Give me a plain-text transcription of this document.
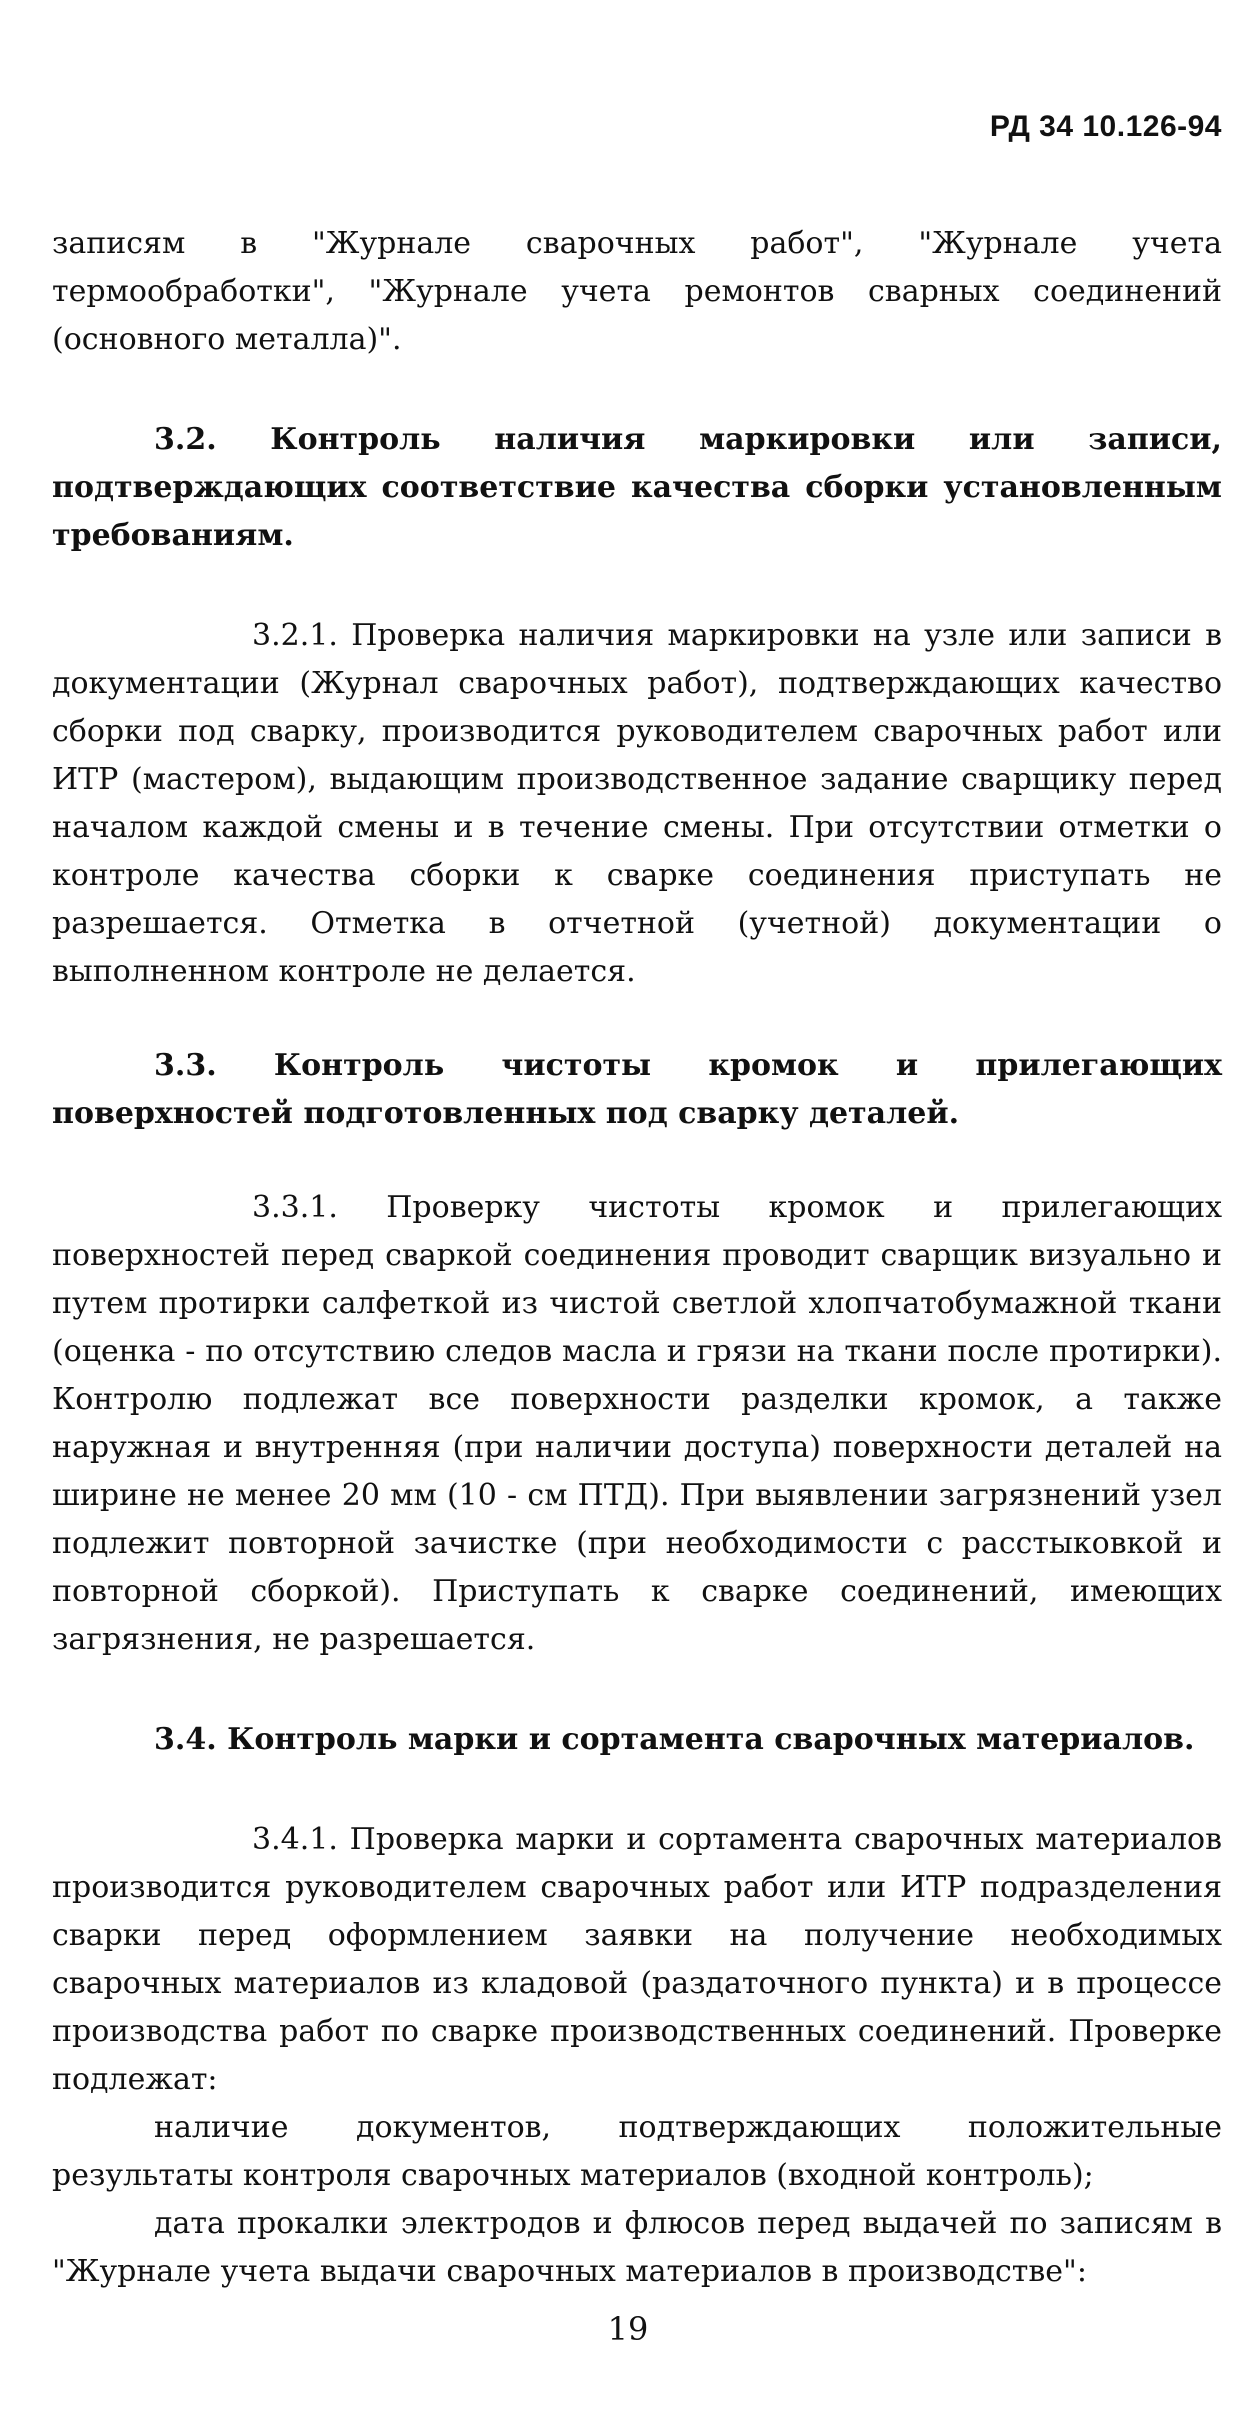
РД 34 10.126-94

записям в "Журнале сварочных работ", "Журнале учета термообработки", "Журнале учета ремонтов сварных соединений (основного металла)".

3.2. Контроль наличия маркировки или записи, подтверждающих соответствие качества сборки установленным требованиям.

3.2.1. Проверка наличия маркировки на узле или записи в документации (Журнал сварочных работ), подтверждающих качество сборки под сварку, производится руководителем сварочных работ или ИТР (мастером), выдающим производственное задание сварщику перед началом каждой смены и в течение смены. При отсутствии отметки о контроле качества сборки к сварке соединения приступать не разрешается. Отметка в отчетной (учетной) документации о выполненном контроле не делается.

3.3. Контроль чистоты кромок и прилегающих поверхностей подготовленных под сварку деталей.

3.3.1. Проверку чистоты кромок и прилегающих поверхностей перед сваркой соединения проводит сварщик визуально и путем протирки салфеткой из чистой светлой хлопчатобумажной ткани (оценка - по отсутствию следов масла и грязи на ткани после протирки). Контролю подлежат все поверхности разделки кромок, а также наружная и внутренняя (при наличии доступа) поверхности деталей на ширине не менее 20 мм (10 - см ПТД). При выявлении загрязнений узел подлежит повторной зачистке (при необходимости с расстыковкой и повторной сборкой). Приступать к сварке соединений, имеющих загрязнения, не разрешается.

3.4. Контроль марки и сортамента сварочных материалов.

3.4.1. Проверка марки и сортамента сварочных материалов производится руководителем сварочных работ или ИТР подразделения сварки перед оформлением заявки на получение необходимых сварочных материалов из кладовой (раздаточного пункта) и в процессе производства работ по сварке производственных соединений. Проверке подлежат:

наличие документов, подтверждающих положительные результаты контроля сварочных материалов (входной контроль);

дата прокалки электродов и флюсов перед выдачей по записям в "Журнале учета выдачи сварочных материалов в производстве":

19
